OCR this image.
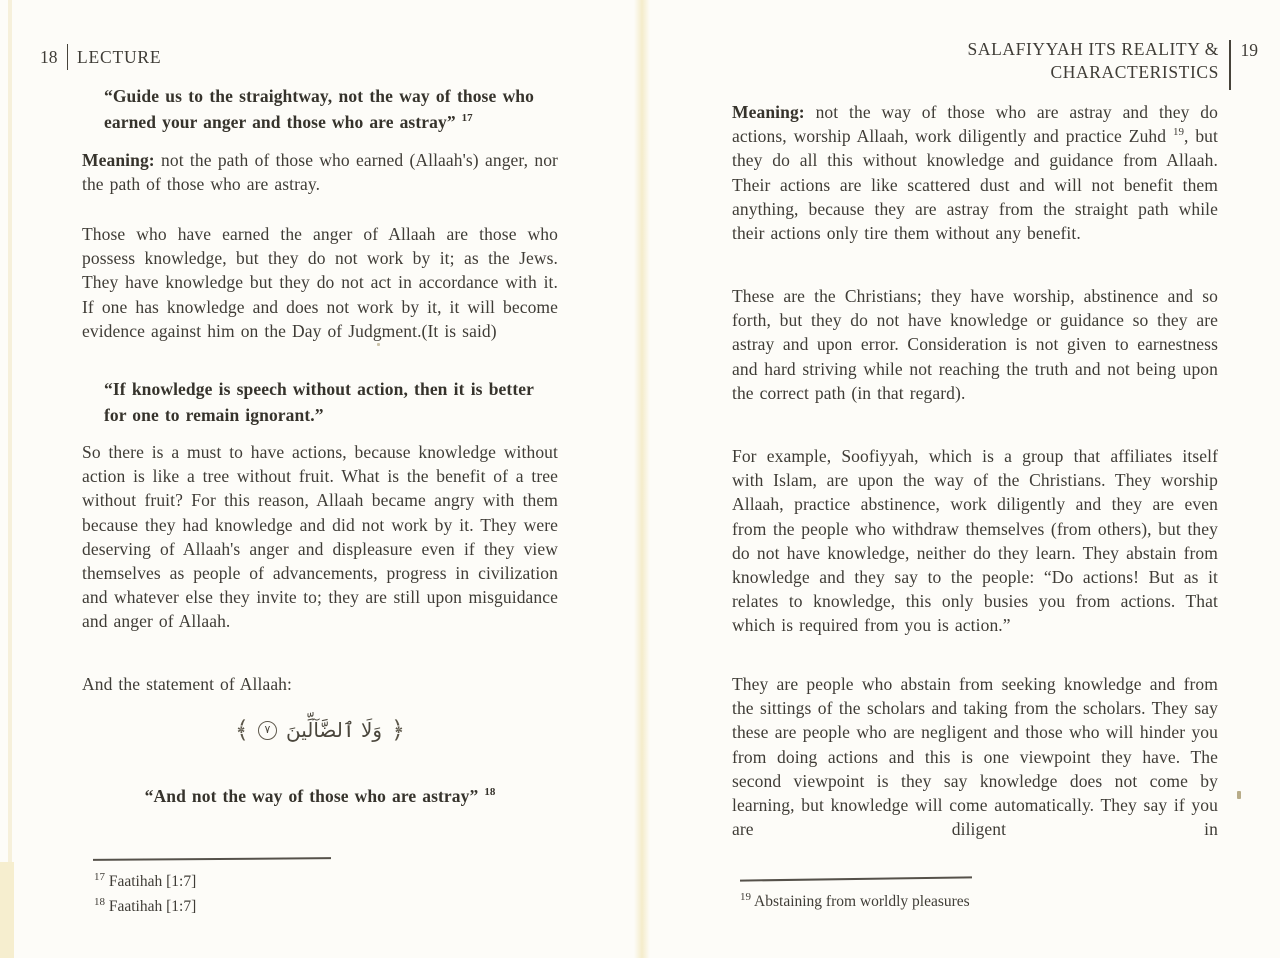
18 LECTURE
“Guide us to the straightway, not the way of those who earned your anger and those who are astray” $^{17}$
Meaning: not the path of those who earned (Allaah's) anger, nor the path of those who are astray.
Those who have earned the anger of Allaah are those who possess knowledge, but they do not work by it; as the Jews. They have knowledge but they do not act in accordance with it. If one has knowledge and does not work by it, it will become evidence against him on the Day of Judgment.(It is said)
“If knowledge is speech without action, then it is better for one to remain ignorant.”
So there is a must to have actions, because knowledge without action is like a tree without fruit. What is the benefit of a tree without fruit? For this reason, Allaah became angry with them because they had knowledge and did not work by it. They were deserving of Allaah's anger and displeasure even if they view themselves as people of advancements, progress in civilization and whatever else they invite to; they are still upon misguidance and anger of Allaah.
And the statement of Allaah:
﴾	٧ وَلَا ٱلضَّآلِّينَ ﴿
“And not the way of those who are astray” $^{18}$
$^{17}$ Faatihah [1:7]
$^{18}$ Faatihah [1:7]
SALAFIYYAH ITS REALITY &
CHARACTERISTICS
19
Meaning: not the way of those who are astray and they do actions, worship Allaah, work diligently and practice Zuhd $^{19}$, but they do all this without knowledge and guidance from Allaah. Their actions are like scattered dust and will not benefit them anything, because they are astray from the straight path while their actions only tire them without any benefit.
These are the Christians; they have worship, abstinence and so forth, but they do not have knowledge or guidance so they are astray and upon error. Consideration is not given to earnestness and hard striving while not reaching the truth and not being upon the correct path (in that regard).
For example, Soofiyyah, which is a group that affiliates itself with Islam, are upon the way of the Christians. They worship Allaah, practice abstinence, work diligently and they are even from the people who withdraw themselves (from others), but they do not have knowledge, neither do they learn. They abstain from knowledge and they say to the people: “Do actions! But as it relates to knowledge, this only busies you from actions. That which is required from you is action.”
They are people who abstain from seeking knowledge and from the sittings of the scholars and taking from the scholars. They say these are people who are negligent and those who will hinder you from doing actions and this is one viewpoint they have. The second viewpoint is they say knowledge does not come by learning, but knowledge will come automatically. They say if you are diligent in
$^{19}$ Abstaining from worldly pleasures
